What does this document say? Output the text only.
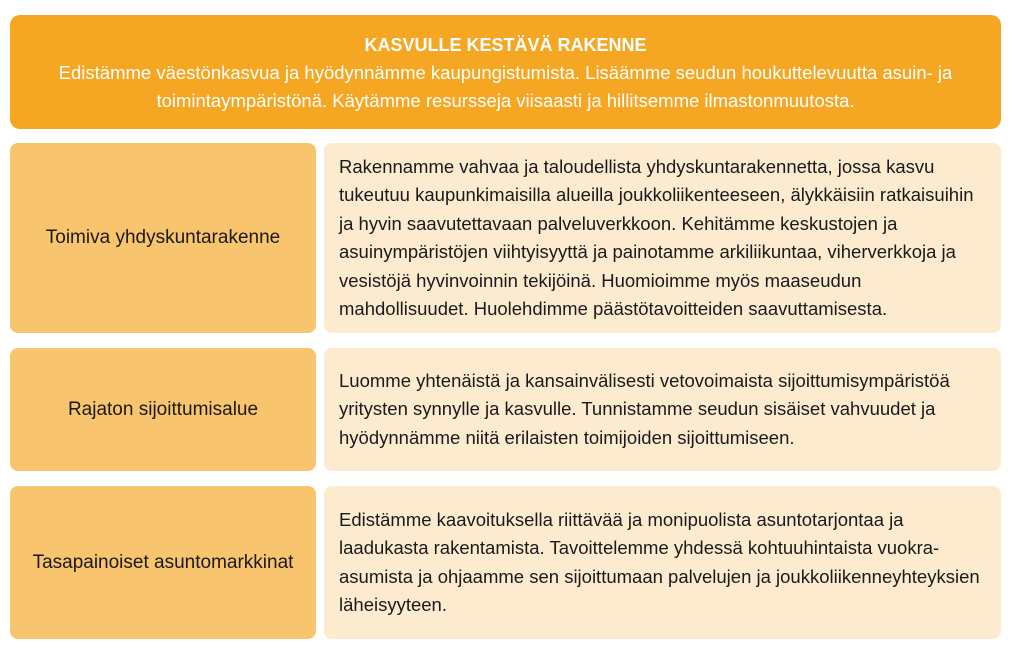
KASVULLE KESTÄVÄ RAKENNE
Edistämme väestönkasvua ja hyödynnämme kaupungistumista. Lisäämme seudun houkuttelevuutta asuin- ja toimintaympäristönä. Käytämme resursseja viisaasti ja hillitsemme ilmastonmuutosta.
Toimiva yhdyskuntarakenne
Rakennamme vahvaa ja taloudellista yhdyskuntarakennetta, jossa kasvu tukeutuu kaupunkimaisilla alueilla joukkoliikenteeseen, älykkäisiin ratkaisuihin ja hyvin saavutettavaan palveluverkkoon. Kehitämme keskustojen ja asuinympäristöjen viihtyisyyttä ja painotamme arkiliikuntaa, viherverkkoja ja vesistöjä hyvinvoinnin tekijöinä. Huomioimme myös maaseudun mahdollisuudet. Huolehdimme päästötavoitteiden saavuttamisesta.
Rajaton sijoittumisalue
Luomme yhtenäistä ja kansainvälisesti vetovoimaista sijoittumisympäristöä yritysten synnylle ja kasvulle. Tunnistamme seudun sisäiset vahvuudet ja hyödynnämme niitä erilaisten toimijoiden sijoittumiseen.
Tasapainoiset asuntomarkkinat
Edistämme kaavoituksella riittävää ja monipuolista asuntotarjontaa ja laadukasta rakentamista. Tavoittelemme yhdessä kohtuuhintaista vuokra-asumista ja ohjaamme sen sijoittumaan palvelujen ja joukkoliikenneyhteyksien läheisyyteen.
